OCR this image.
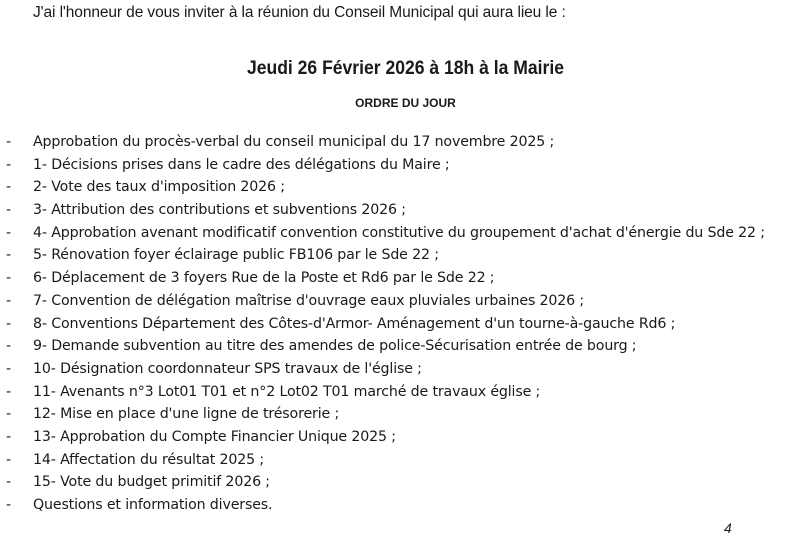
J'ai l'honneur de vous inviter à la réunion du Conseil Municipal qui aura lieu le :
Jeudi 26 Février 2026 à 18h à la Mairie
ORDRE DU JOUR
- Approbation du procès-verbal du conseil municipal du 17 novembre 2025 ;
- 1- Décisions prises dans le cadre des délégations du Maire ;
- 2- Vote des taux d'imposition 2026 ;
- 3- Attribution des contributions et subventions 2026 ;
- 4- Approbation avenant modificatif convention constitutive du groupement d'achat d'énergie du Sde 22 ;
- 5- Rénovation foyer éclairage public FB106 par le Sde 22 ;
- 6- Déplacement de 3 foyers Rue de la Poste et Rd6 par le Sde 22 ;
- 7- Convention de délégation maîtrise d'ouvrage eaux pluviales urbaines 2026 ;
- 8- Conventions Département des Côtes-d'Armor- Aménagement d'un tourne-à-gauche Rd6 ;
- 9- Demande subvention au titre des amendes de police-Sécurisation entrée de bourg ;
- 10- Désignation coordonnateur SPS travaux de l'église ;
- 11- Avenants n°3 Lot01 T01 et n°2 Lot02 T01 marché de travaux église ;
- 12- Mise en place d'une ligne de trésorerie ;
- 13- Approbation du Compte Financier Unique 2025 ;
- 14- Affectation du résultat 2025 ;
- 15- Vote du budget primitif 2026 ;
- Questions et information diverses.
4
